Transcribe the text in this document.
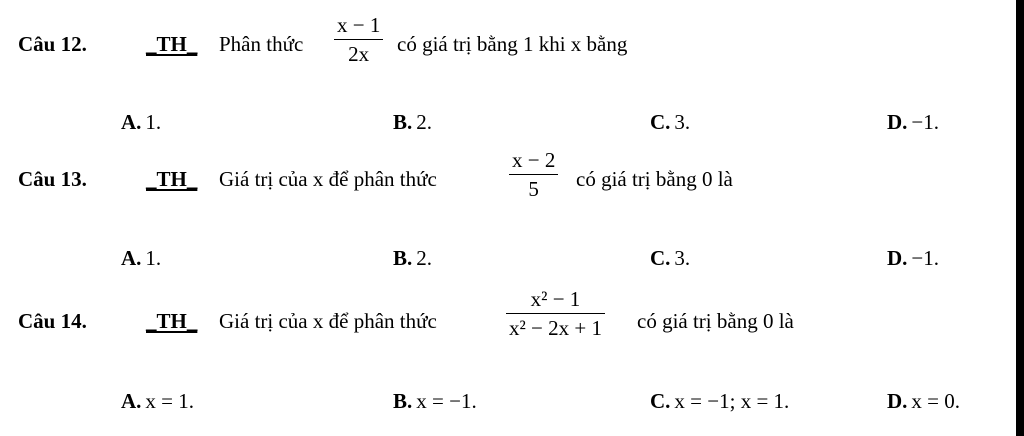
Câu 12.	_TH_ Phân thức
x − 1
2x có giá trị bằng 1 khi x bằng
A. 1.	B. 2.	C. 3.	D. −1.
Câu 13.	_TH_ Giá trị của x để phân thức
x − 2
5 có giá trị bằng 0 là
A. 1.	B. 2.	C. 3.	D. −1.
Câu 14.	_TH_ Giá trị của x để phân thức
x² − 1
x² − 2x + 1 có giá trị bằng 0 là
A. x = 1.	B. x = −1.	C. x = −1; x = 1.	D. x = 0.
